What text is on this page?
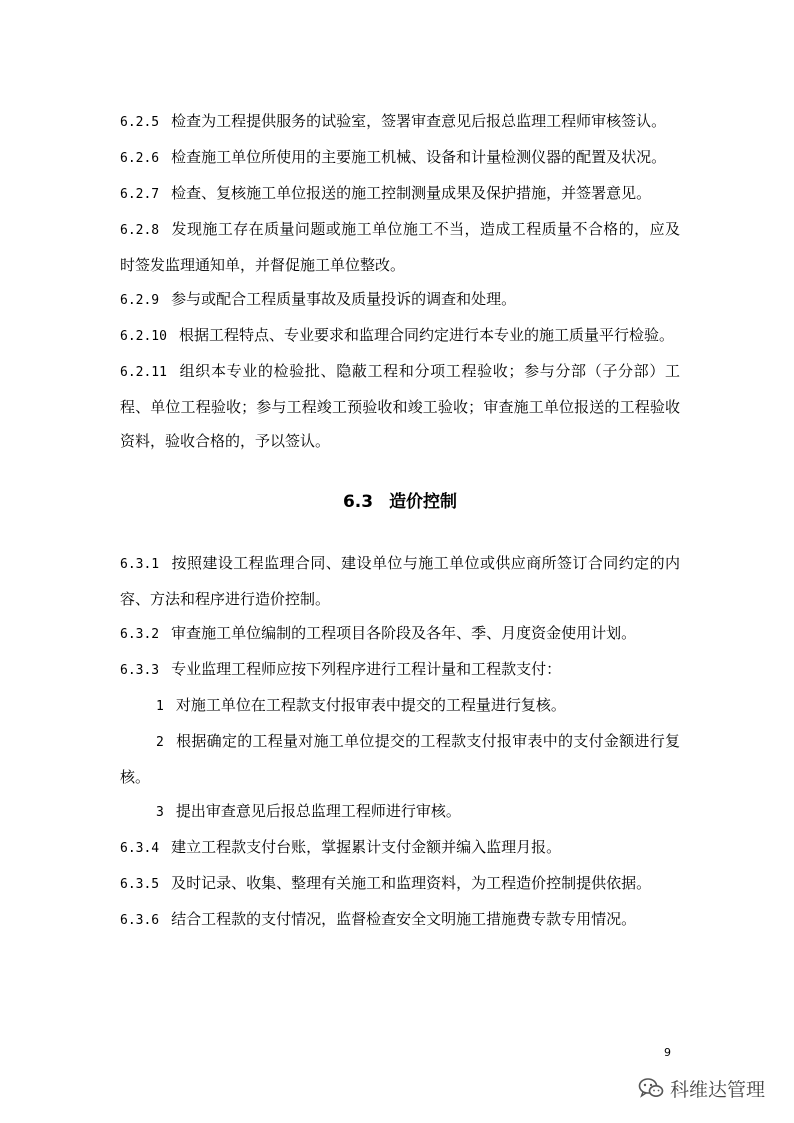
6.2.5 检查为工程提供服务的试验室，签署审查意见后报总监理工程师审核签认。

6.2.6 检查施工单位所使用的主要施工机械、设备和计量检测仪器的配置及状况。

6.2.7 检查、复核施工单位报送的施工控制测量成果及保护措施，并签署意见。

6.2.8 发现施工存在质量问题或施工单位施工不当，造成工程质量不合格的，应及时签发监理通知单，并督促施工单位整改。

6.2.9 参与或配合工程质量事故及质量投诉的调查和处理。

6.2.10 根据工程特点、专业要求和监理合同约定进行本专业的施工质量平行检验。

6.2.11 组织本专业的检验批、隐蔽工程和分项工程验收；参与分部（子分部）工程、单位工程验收；参与工程竣工预验收和竣工验收；审查施工单位报送的工程验收资料，验收合格的，予以签认。

6.3 造价控制

6.3.1 按照建设工程监理合同、建设单位与施工单位或供应商所签订合同约定的内容、方法和程序进行造价控制。

6.3.2 审查施工单位编制的工程项目各阶段及各年、季、月度资金使用计划。

6.3.3 专业监理工程师应按下列程序进行工程计量和工程款支付：

1 对施工单位在工程款支付报审表中提交的工程量进行复核。

2 根据确定的工程量对施工单位提交的工程款支付报审表中的支付金额进行复核。

3 提出审查意见后报总监理工程师进行审核。

6.3.4 建立工程款支付台账，掌握累计支付金额并编入监理月报。

6.3.5 及时记录、收集、整理有关施工和监理资料，为工程造价控制提供依据。

6.3.6 结合工程款的支付情况，监督检查安全文明施工措施费专款专用情况。

9
科维达管理
